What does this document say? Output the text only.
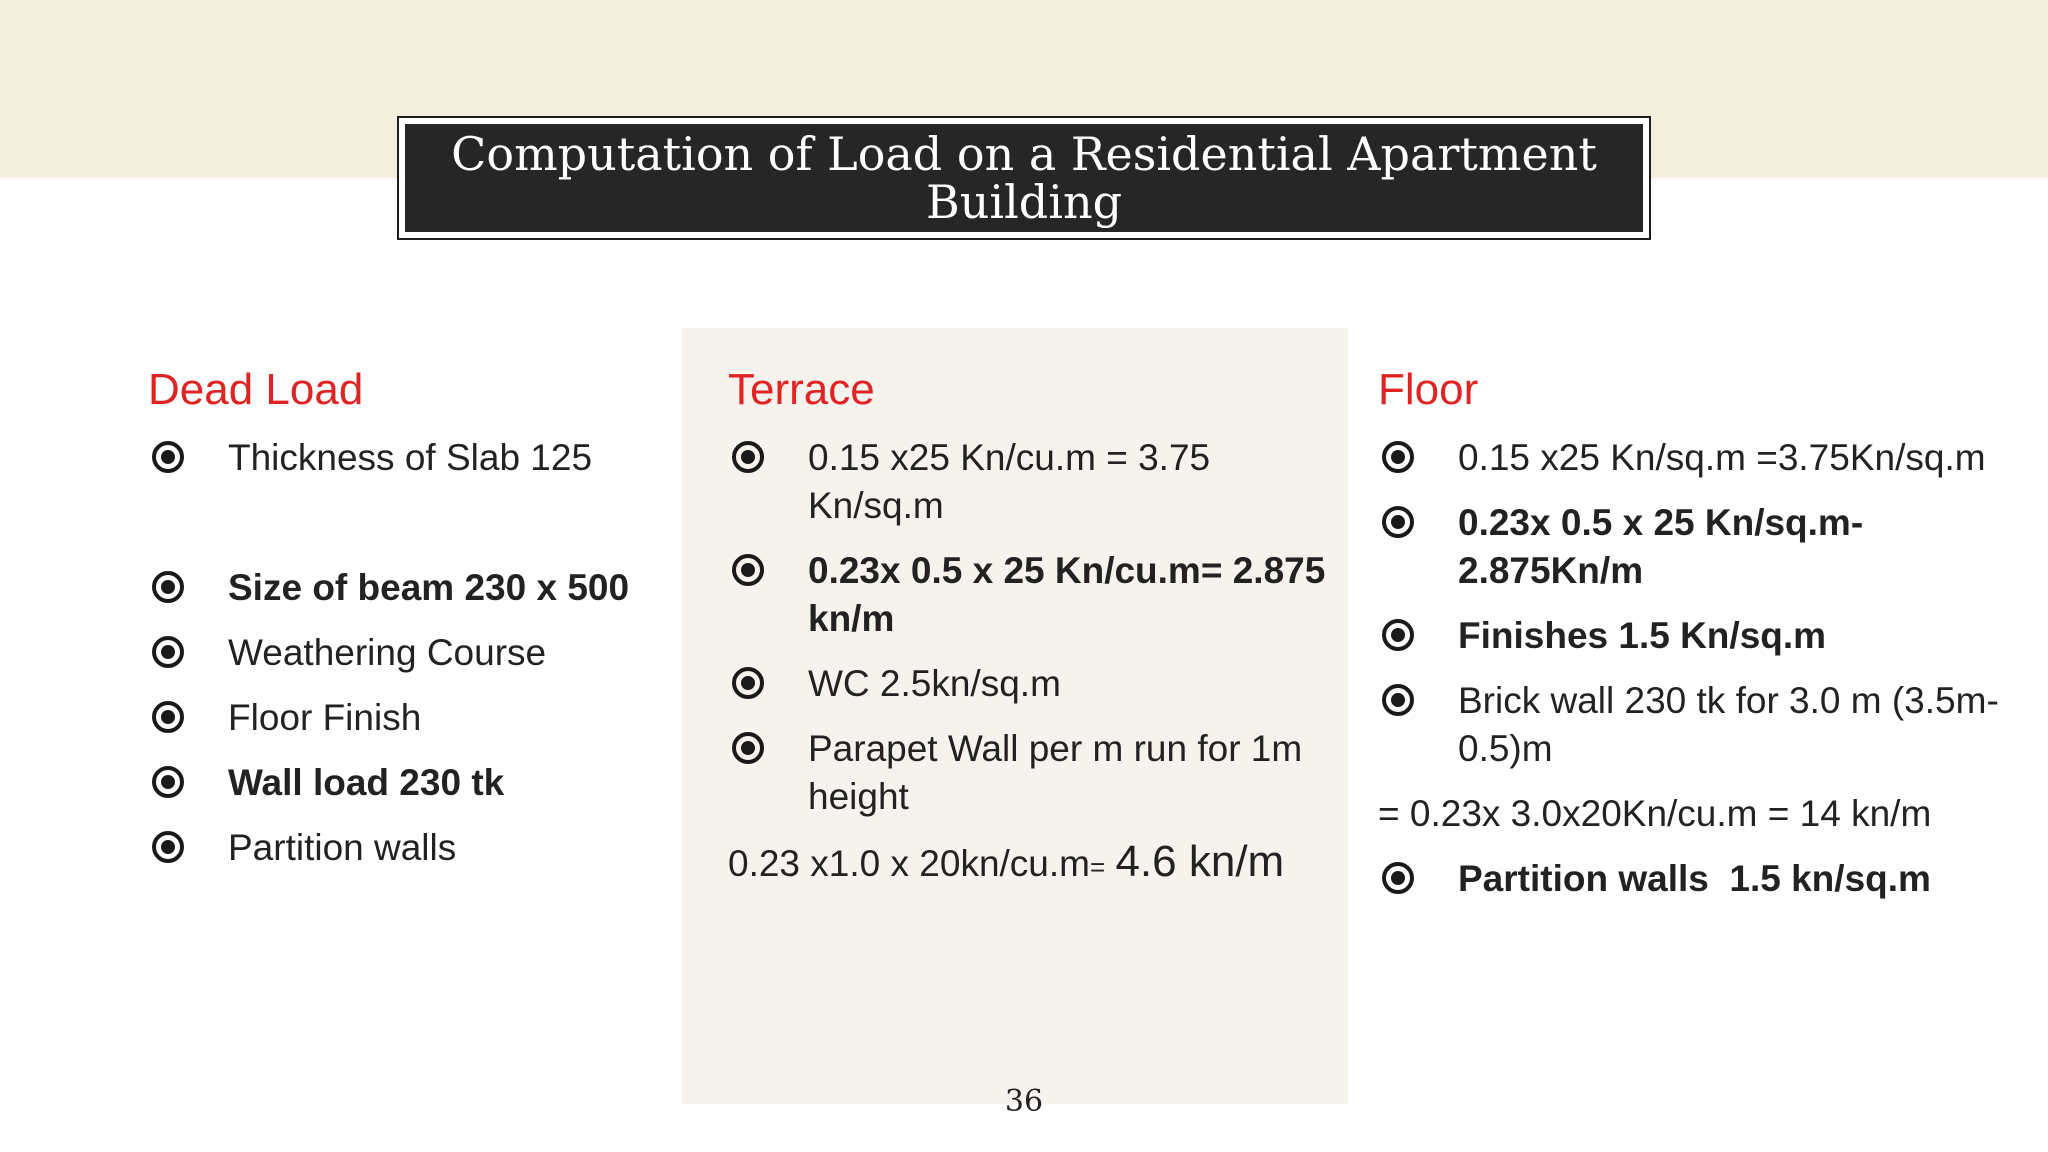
Computation of Load on a Residential Apartment Building
Dead Load
Thickness of Slab 125
Size of beam 230 x 500
Weathering Course
Floor Finish
Wall load 230 tk
Partition walls
Terrace
0.15 x25 Kn/cu.m = 3.75 Kn/sq.m
0.23x 0.5 x 25 Kn/cu.m= 2.875 kn/m
WC 2.5kn/sq.m
Parapet Wall per m run for 1m height

0.23 x1.0 x 20kn/cu.m= 4.6 kn/m

Floor
0.15 x25 Kn/sq.m =3.75Kn/sq.m
0.23x 0.5 x 25 Kn/sq.m- 2.875Kn/m
Finishes 1.5 Kn/sq.m
Brick wall 230 tk for 3.0 m (3.5m-0.5)m

= 0.23x 3.0x20Kn/cu.m = 14 kn/m

Partition walls  1.5 kn/sq.m
36
